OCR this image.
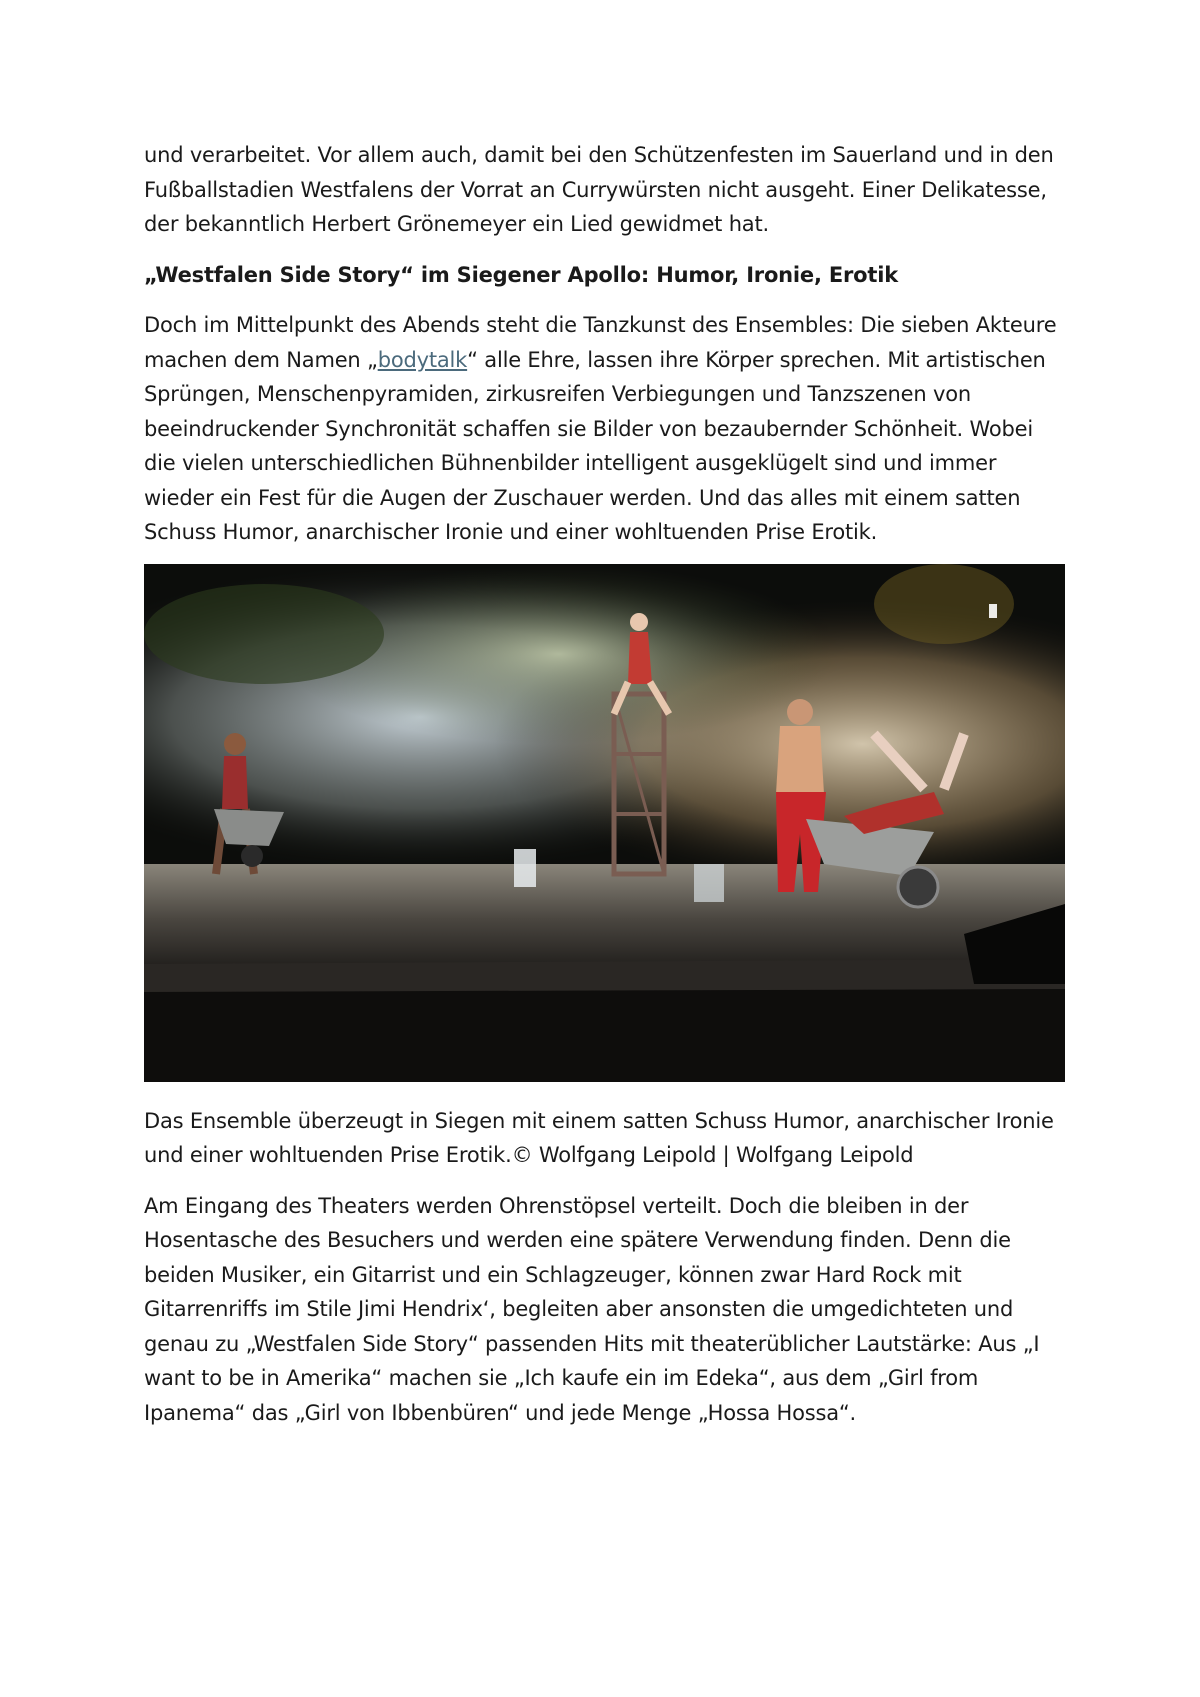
und verarbeitet. Vor allem auch, damit bei den Schützenfesten im Sauerland und in den Fußballstadien Westfalens der Vorrat an Currywürsten nicht ausgeht. Einer Delikatesse, der bekanntlich Herbert Grönemeyer ein Lied gewidmet hat.

„Westfalen Side Story“ im Siegener Apollo: Humor, Ironie, Erotik

Doch im Mittelpunkt des Abends steht die Tanzkunst des Ensembles: Die sieben Akteure machen dem Namen „bodytalk“ alle Ehre, lassen ihre Körper sprechen. Mit artistischen Sprüngen, Menschenpyramiden, zirkusreifen Verbiegungen und Tanzszenen von beeindruckender Synchronität schaffen sie Bilder von bezaubernder Schönheit. Wobei die vielen unterschiedlichen Bühnenbilder intelligent ausgeklügelt sind und immer wieder ein Fest für die Augen der Zuschauer werden. Und das alles mit einem satten Schuss Humor, anarchischer Ironie und einer wohltuenden Prise Erotik.

Das Ensemble überzeugt in Siegen mit einem satten Schuss Humor, anarchischer Ironie und einer wohltuenden Prise Erotik.© Wolfgang Leipold | Wolfgang Leipold

Am Eingang des Theaters werden Ohrenstöpsel verteilt. Doch die bleiben in der Hosentasche des Besuchers und werden eine spätere Verwendung finden. Denn die beiden Musiker, ein Gitarrist und ein Schlagzeuger, können zwar Hard Rock mit Gitarrenriffs im Stile Jimi Hendrix‘, begleiten aber ansonsten die umgedichteten und genau zu „Westfalen Side Story“ passenden Hits mit theaterüblicher Lautstärke: Aus „I want to be in Amerika“ machen sie „Ich kaufe ein im Edeka“, aus dem „Girl from Ipanema“ das „Girl von Ibbenbüren“ und jede Menge „Hossa Hossa“.
